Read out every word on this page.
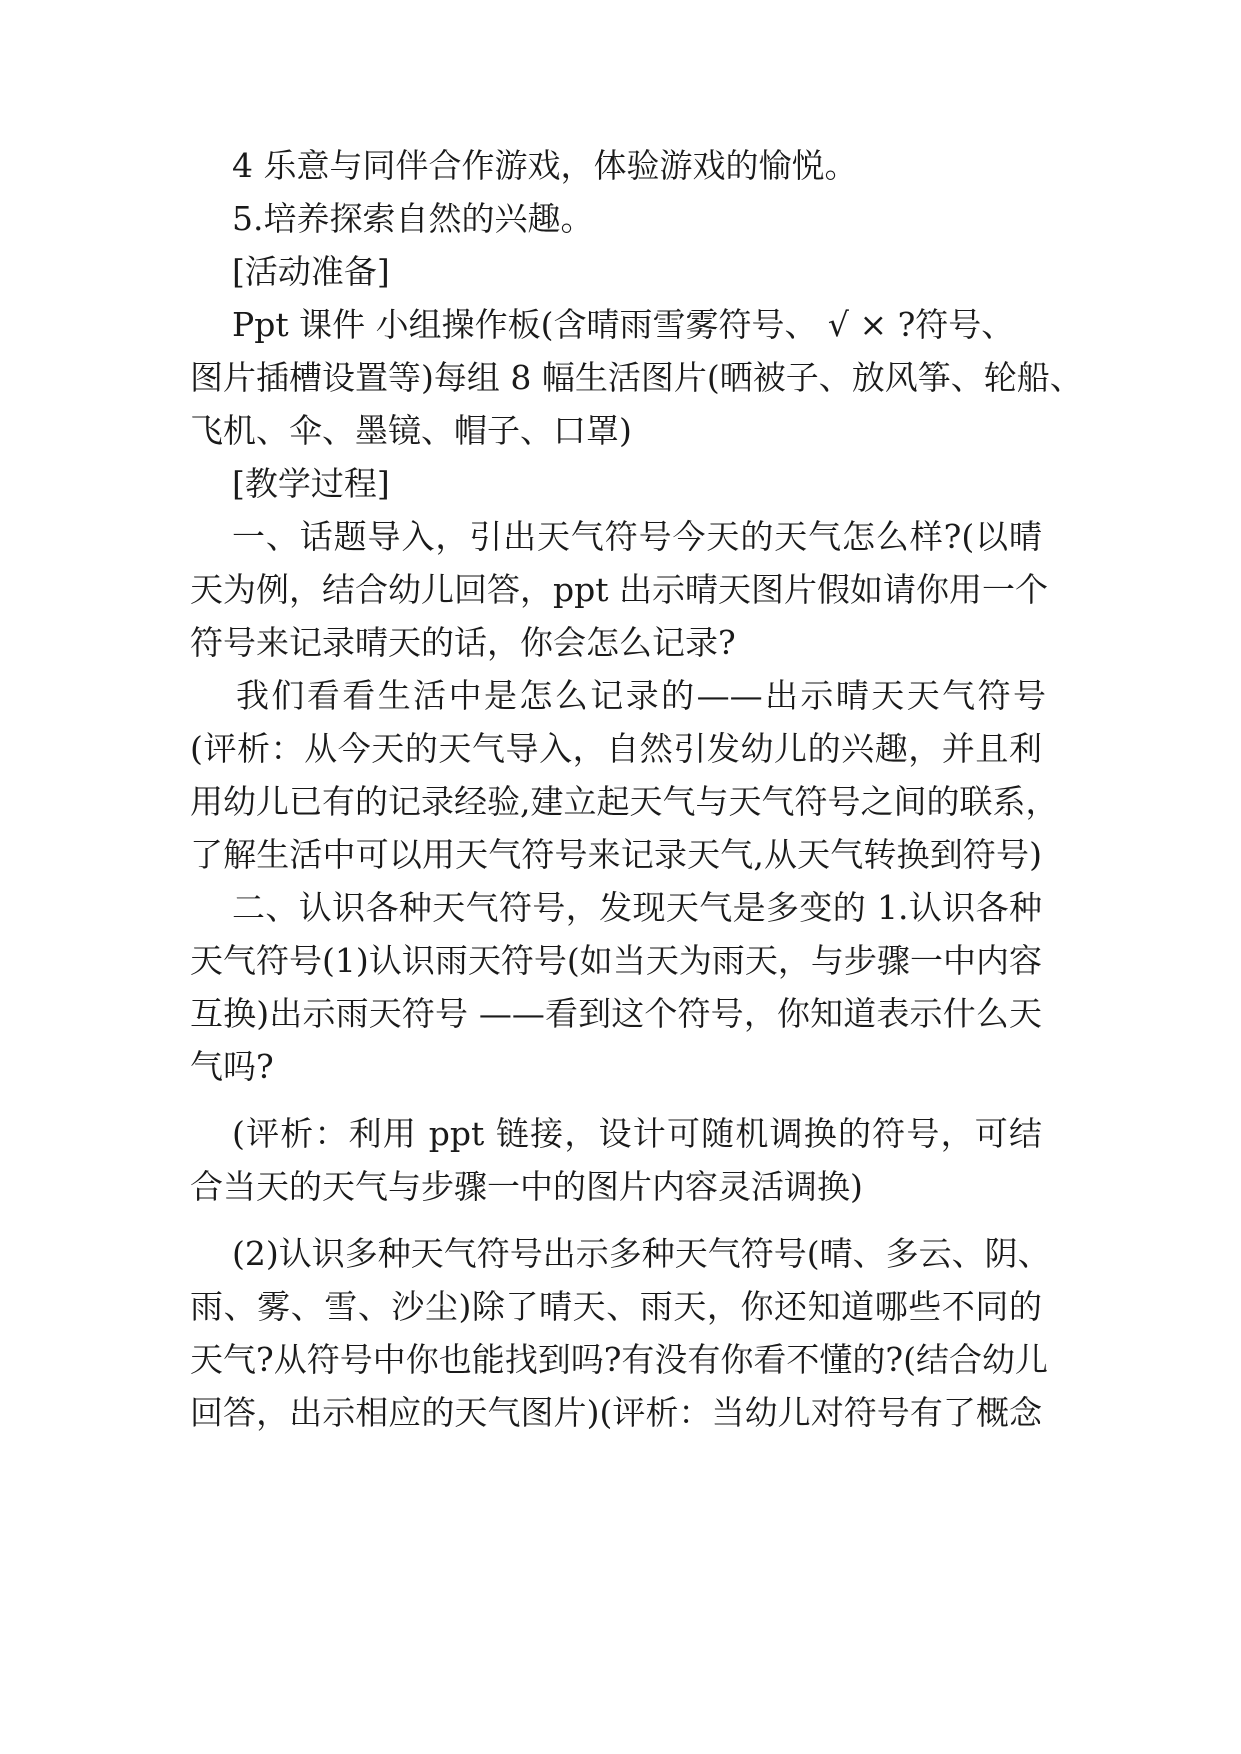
4 乐意与同伴合作游戏，体验游戏的愉悦。
5.培养探索自然的兴趣。
[活动准备]
Ppt 课件 小组操作板(含晴雨雪雾符号、 √ × ?符号、
图片插槽设置等)每组 8 幅生活图片(晒被子、放风筝、轮船、
飞机、伞、墨镜、帽子、口罩)
[教学过程]
一、话题导入，引出天气符号今天的天气怎么样?(以晴
天为例，结合幼儿回答，ppt 出示晴天图片假如请你用一个
符号来记录晴天的话，你会怎么记录?
我们看看生活中是怎么记录的——出示晴天天气符号
(评析：从今天的天气导入，自然引发幼儿的兴趣，并且利
用幼儿已有的记录经验,建立起天气与天气符号之间的联系，
了解生活中可以用天气符号来记录天气,从天气转换到符号)
二、认识各种天气符号，发现天气是多变的 1.认识各种
天气符号(1)认识雨天符号(如当天为雨天，与步骤一中内容
互换)出示雨天符号 ——看到这个符号，你知道表示什么天
气吗?
(评析：利用 ppt 链接，设计可随机调换的符号，可结
合当天的天气与步骤一中的图片内容灵活调换)
(2)认识多种天气符号出示多种天气符号(晴、多云、阴、
雨、雾、雪、沙尘)除了晴天、雨天，你还知道哪些不同的
天气?从符号中你也能找到吗?有没有你看不懂的?(结合幼儿
回答，出示相应的天气图片)(评析：当幼儿对符号有了概念
